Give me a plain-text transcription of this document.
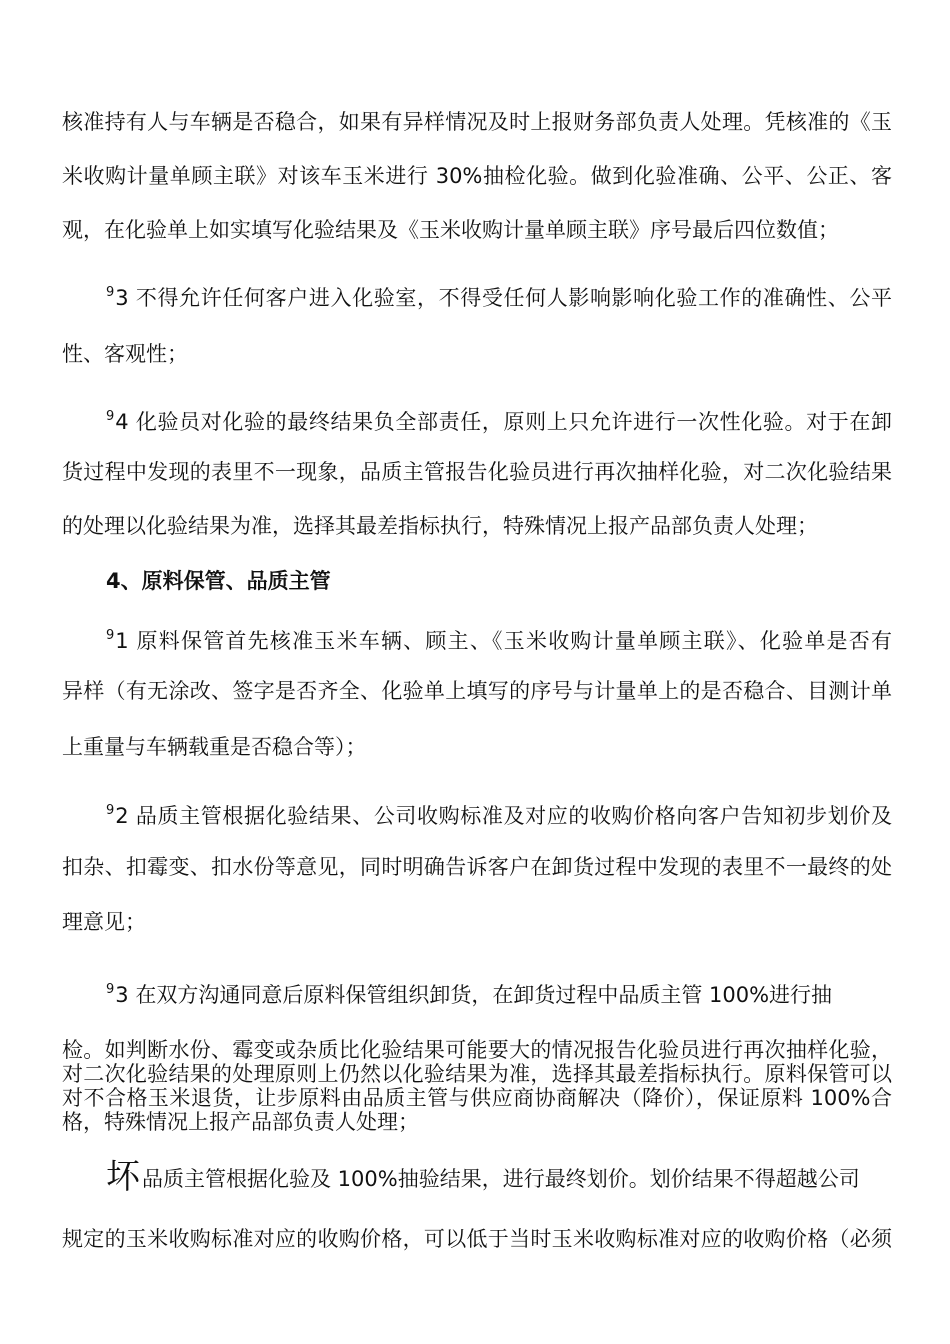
核准持有人与车辆是否稳合，如果有异样情况及时上报财务部负责人处理。凭核准的《玉
米收购计量单顾主联》对该车玉米进行 30%抽检化验。做到化验准确、公平、公正、客
观，在化验单上如实填写化验结果及《玉米收购计量单顾主联》序号最后四位数值；
$^9$3 不得允许任何客户进入化验室，不得受任何人影响影响化验工作的准确性、公平
性、客观性；
$^9$4 化验员对化验的最终结果负全部责任，原则上只允许进行一次性化验。对于在卸
货过程中发现的表里不一现象，品质主管报告化验员进行再次抽样化验，对二次化验结果
的处理以化验结果为准，选择其最差指标执行，特殊情况上报产品部负责人处理；
4、原料保管、品质主管
$^9$1 原料保管首先核准玉米车辆、顾主、《玉米收购计量单顾主联》、化验单是否有
异样（有无涂改、签字是否齐全、化验单上填写的序号与计量单上的是否稳合、目测计单
上重量与车辆载重是否稳合等）；
$^9$2 品质主管根据化验结果、公司收购标准及对应的收购价格向客户告知初步划价及
扣杂、扣霉变、扣水份等意见，同时明确告诉客户在卸货过程中发现的表里不一最终的处
理意见；
$^9$3 在双方沟通同意后原料保管组织卸货，在卸货过程中品质主管 100%进行抽
检。如判断水份、霉变或杂质比化验结果可能要大的情况报告化验员进行再次抽样化验，
对二次化验结果的处理原则上仍然以化验结果为准，选择其最差指标执行。原料保管可以
对不合格玉米退货，让步原料由品质主管与供应商协商解决（降价），保证原料 100%合
格，特殊情况上报产品部负责人处理；
坏品质主管根据化验及 100%抽验结果，进行最终划价。划价结果不得超越公司
规定的玉米收购标准对应的收购价格，可以低于当时玉米收购标准对应的收购价格（必须
